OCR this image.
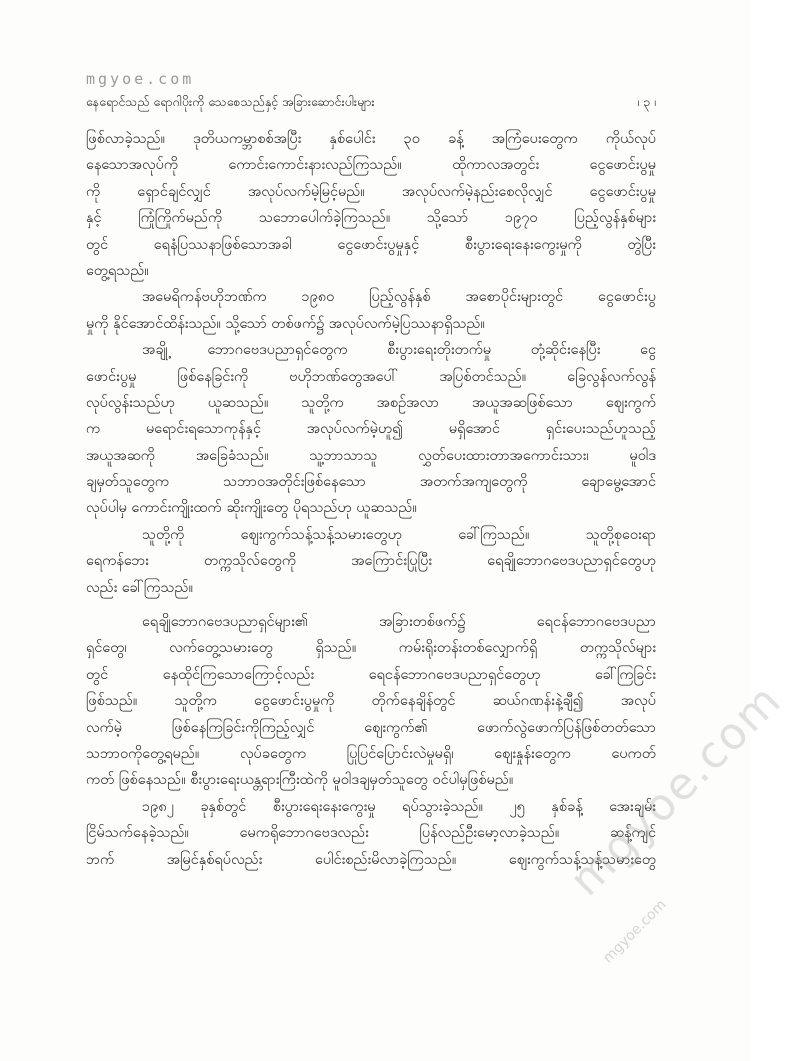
mgyoe.com
နေရောင်သည် ရောဂါပိုးကို သေစေသည်နှင့် အခြားဆောင်းပါးများ	၊ ၃ ၊
ဖြစ်လာခဲ့သည်။ ဒုတိယကမ္ဘာစစ်အပြီး နှစ်ပေါင်း ၃၀ ခန့် အကြံပေးတွေက ကိုယ်လုပ်
နေသောအလုပ်ကို ကောင်းကောင်းနားလည်ကြသည်။ ထိုကာလအတွင်း ငွေဖောင်းပွမှု
ကို ရှောင်ချင်လျှင် အလုပ်လက်မဲ့မြင့်မည်။ အလုပ်လက်မဲ့နည်းစေလိုလျှင် ငွေဖောင်းပွမှု
နှင့် ကြုံကြိုက်မည်ကို သဘောပေါက်ခဲ့ကြသည်။ သို့သော် ၁၉၇၀ ပြည့်လွန်နှစ်များ
တွင် ရေနံပြဿနာဖြစ်သောအခါ ငွေဖောင်းပွမှုနှင့် စီးပွားရေးနေးကွေးမှုကို တွဲပြီး
တွေ့ရသည်။
အမေရိကန်ဗဟိုဘဏ်က ၁၉၈၀ ပြည့်လွန်နှစ် အစောပိုင်းများတွင် ငွေဖောင်းပွ
မှုကို နိုင်အောင်ထိန်းသည်။ သို့သော် တစ်ဖက်၌ အလုပ်လက်မဲ့ပြဿနာရှိသည်။
အချို့ ဘောဂဗေဒပညာရှင်တွေက စီးပွားရေးတိုးတက်မှု တုံ့ဆိုင်းနေပြီး ငွေ
ဖောင်းပွမှု ဖြစ်နေခြင်းကို ဗဟိုဘဏ်တွေအပေါ် အပြစ်တင်သည်။ ခြေလွန်လက်လွန်
လုပ်လွန်းသည်ဟု ယူဆသည်။ သူတို့က အစဉ်အလာ အယူအဆဖြစ်သော ဈေးကွက်
က မရောင်းရသောကုန်နှင့် အလုပ်လက်မဲ့ဟူ၍ မရှိအောင် ရှင်းပေးသည်ဟူသည့်
အယူအဆကို အခြေခံသည်။ သူ့ဘာသာသူ လွှတ်ပေးထားတာအကောင်းသား၊ မူဝါဒ
ချမှတ်သူတွေက သဘာဝအတိုင်းဖြစ်နေသော အတက်အကျတွေကို ချောမွေ့အောင်
လုပ်ပါမှ ကောင်းကျိုးထက် ဆိုးကျိုးတွေ ပိုရသည်ဟု ယူဆသည်။
သူတို့ကို ဈေးကွက်သန့်သန့်သမားတွေဟု ခေါ်ကြသည်။ သူတို့စုဝေးရာ
ရေကန်ဘေး တက္ကသိုလ်တွေကို အကြောင်းပြုပြီး ရေချိုဘောဂဗေဒပညာရှင်တွေဟု
လည်း ခေါ်ကြသည်။
ရေချိုဘောဂဗေဒပညာရှင်များ၏ အခြားတစ်ဖက်၌ ရေငန်ဘောဂဗေဒပညာ
ရှင်တွေ၊ လက်တွေ့သမားတွေ ရှိသည်။ ကမ်းရိုးတန်းတစ်လျှောက်ရှိ တက္ကသိုလ်များ
တွင် နေထိုင်ကြသောကြောင့်လည်း ရေငန်ဘောဂဗေဒပညာရှင်တွေဟု ခေါ်ကြခြင်း
ဖြစ်သည်။ သူတို့က ငွေဖောင်းပွမှုကို တိုက်နေချိန်တွင် ဆယ်ဂဏန်းနဲ့ချီ၍ အလုပ်
လက်မဲ့ ဖြစ်နေကြခြင်းကိုကြည့်လျှင် ဈေးကွက်၏ ဖောက်လွဲဖောက်ပြန်ဖြစ်တတ်သော
သဘာဝကိုတွေ့ရမည်။ လုပ်ခတွေက ပြုပြင်ပြောင်းလဲမှုမရှိ၊ ဈေးနှုန်းတွေက ပေကတ်
ကတ် ဖြစ်နေသည်။ စီးပွားရေးယန္တရားကြီးထဲကို မူဝါဒချမှတ်သူတွေ ဝင်ပါမှဖြစ်မည်။
၁၉၈၂ ခုနှစ်တွင် စီးပွားရေးနေးကွေးမှု ရပ်သွားခဲ့သည်။ ၂၅ နှစ်ခန့် အေးချမ်း
ငြိမ်သက်နေခဲ့သည်။ မေကရိုဘောဂဗေဒလည်း ပြန်လည်ဦးမော့လာခဲ့သည်။ ဆန့်ကျင်
ဘက် အမြင်နှစ်ရပ်လည်း ပေါင်းစည်းမိလာခဲ့ကြသည်။ ဈေးကွက်သန့်သန့်သမားတွေ
mgyoe.com
mgyoe.com
